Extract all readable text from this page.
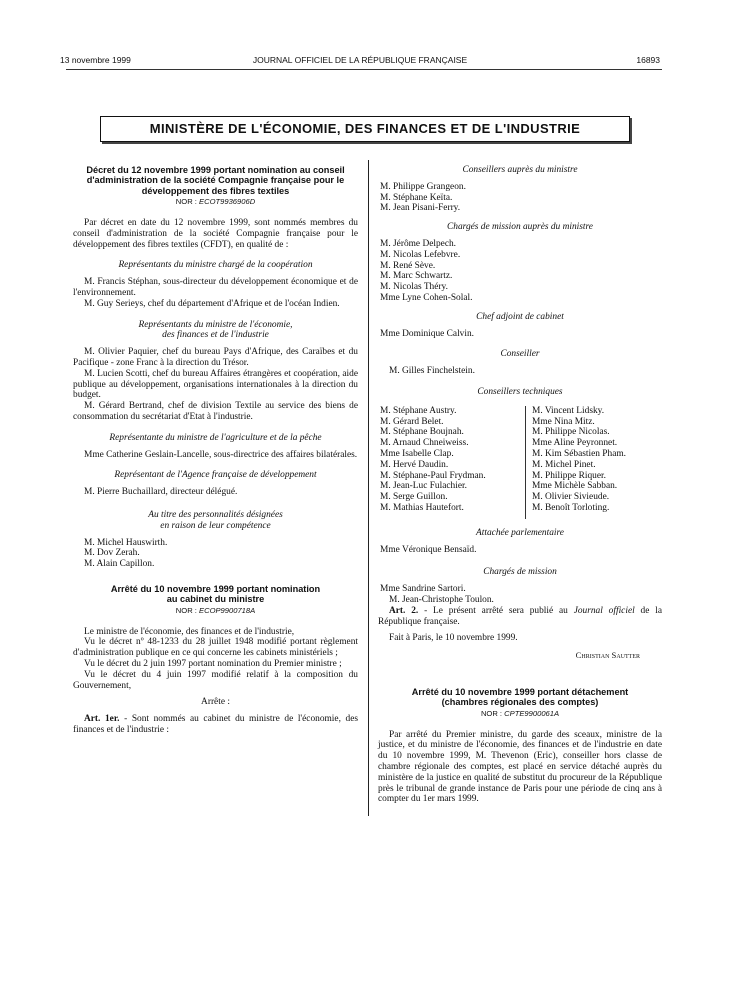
13 novembre 1999	JOURNAL OFFICIEL DE LA RÉPUBLIQUE FRANÇAISE	16893
MINISTÈRE DE L'ÉCONOMIE, DES FINANCES ET DE L'INDUSTRIE
Décret du 12 novembre 1999 portant nomination au conseil d'administration de la société Compagnie française pour le développement des fibres textiles
NOR : ECOT9936906D

Par décret en date du 12 novembre 1999, sont nommés membres du conseil d'administration de la société Compagnie française pour le développement des fibres textiles (CFDT), en qualité de :

Représentants du ministre chargé de la coopération

M. Francis Stéphan, sous-directeur du développement économique et de l'environnement.

M. Guy Serieys, chef du département d'Afrique et de l'océan Indien.

Représentants du ministre de l'économie, des finances et de l'industrie

M. Olivier Paquier, chef du bureau Pays d'Afrique, des Caraïbes et du Pacifique - zone Franc à la direction du Trésor.

M. Lucien Scotti, chef du bureau Affaires étrangères et coopération, aide publique au développement, organisations internationales à la direction du budget.

M. Gérard Bertrand, chef de division Textile au service des biens de consommation du secrétariat d'Etat à l'industrie.

Représentante du ministre de l'agriculture et de la pêche

Mme Catherine Geslain-Lancelle, sous-directrice des affaires bilatérales.

Représentant de l'Agence française de développement

M. Pierre Buchaillard, directeur délégué.

Au titre des personnalités désignées en raison de leur compétence

M. Michel Hauswirth.

M. Dov Zerah.

M. Alain Capillon.

Arrêté du 10 novembre 1999 portant nomination au cabinet du ministre
NOR : ECOP9900718A

Le ministre de l'économie, des finances et de l'industrie,

Vu le décret nº 48-1233 du 28 juillet 1948 modifié portant règlement d'administration publique en ce qui concerne les cabinets ministériels ;

Vu le décret du 2 juin 1997 portant nomination du Premier ministre ;

Vu le décret du 4 juin 1997 modifié relatif à la composition du Gouvernement,

Arrête :

Art. 1er. - Sont nommés au cabinet du ministre de l'économie, des finances et de l'industrie :

Conseillers auprès du ministre

M. Philippe Grangeon.

M. Stéphane Keïta.

M. Jean Pisani-Ferry.

Chargés de mission auprès du ministre

M. Jérôme Delpech.

M. Nicolas Lefebvre.

M. René Sève.

M. Marc Schwartz.

M. Nicolas Théry.

Mme Lyne Cohen-Solal.

Chef adjoint de cabinet

Mme Dominique Calvin.

Conseiller

M. Gilles Finchelstein.

Conseillers techniques

M. Stéphane Austry.

M. Gérard Belet.

M. Stéphane Boujnah.

M. Arnaud Chneiweiss.

Mme Isabelle Clap.

M. Hervé Daudin.

M. Stéphane-Paul Frydman.

M. Jean-Luc Fulachier.

M. Serge Guillon.

M. Mathias Hautefort.

M. Vincent Lidsky.

Mme Nina Mitz.

M. Philippe Nicolas.

Mme Aline Peyronnet.

M. Kim Sébastien Pham.

M. Michel Pinet.

M. Philippe Riquer.

Mme Michèle Sabban.

M. Olivier Sivieude.

M. Benoît Torloting.

Attachée parlementaire

Mme Véronique Bensaïd.

Chargés de mission

Mme Sandrine Sartori.

M. Jean-Christophe Toulon.

Art. 2. - Le présent arrêté sera publié au Journal officiel de la République française.

Fait à Paris, le 10 novembre 1999.

Christian Sautter

Arrêté du 10 novembre 1999 portant détachement (chambres régionales des comptes)
NOR : CPTE9900061A

Par arrêté du Premier ministre, du garde des sceaux, ministre de la justice, et du ministre de l'économie, des finances et de l'industrie en date du 10 novembre 1999, M. Thevenon (Eric), conseiller hors classe de chambre régionale des comptes, est placé en service détaché auprès du ministère de la justice en qualité de substitut du procureur de la République près le tribunal de grande instance de Paris pour une période de cinq ans à compter du 1er mars 1999.
